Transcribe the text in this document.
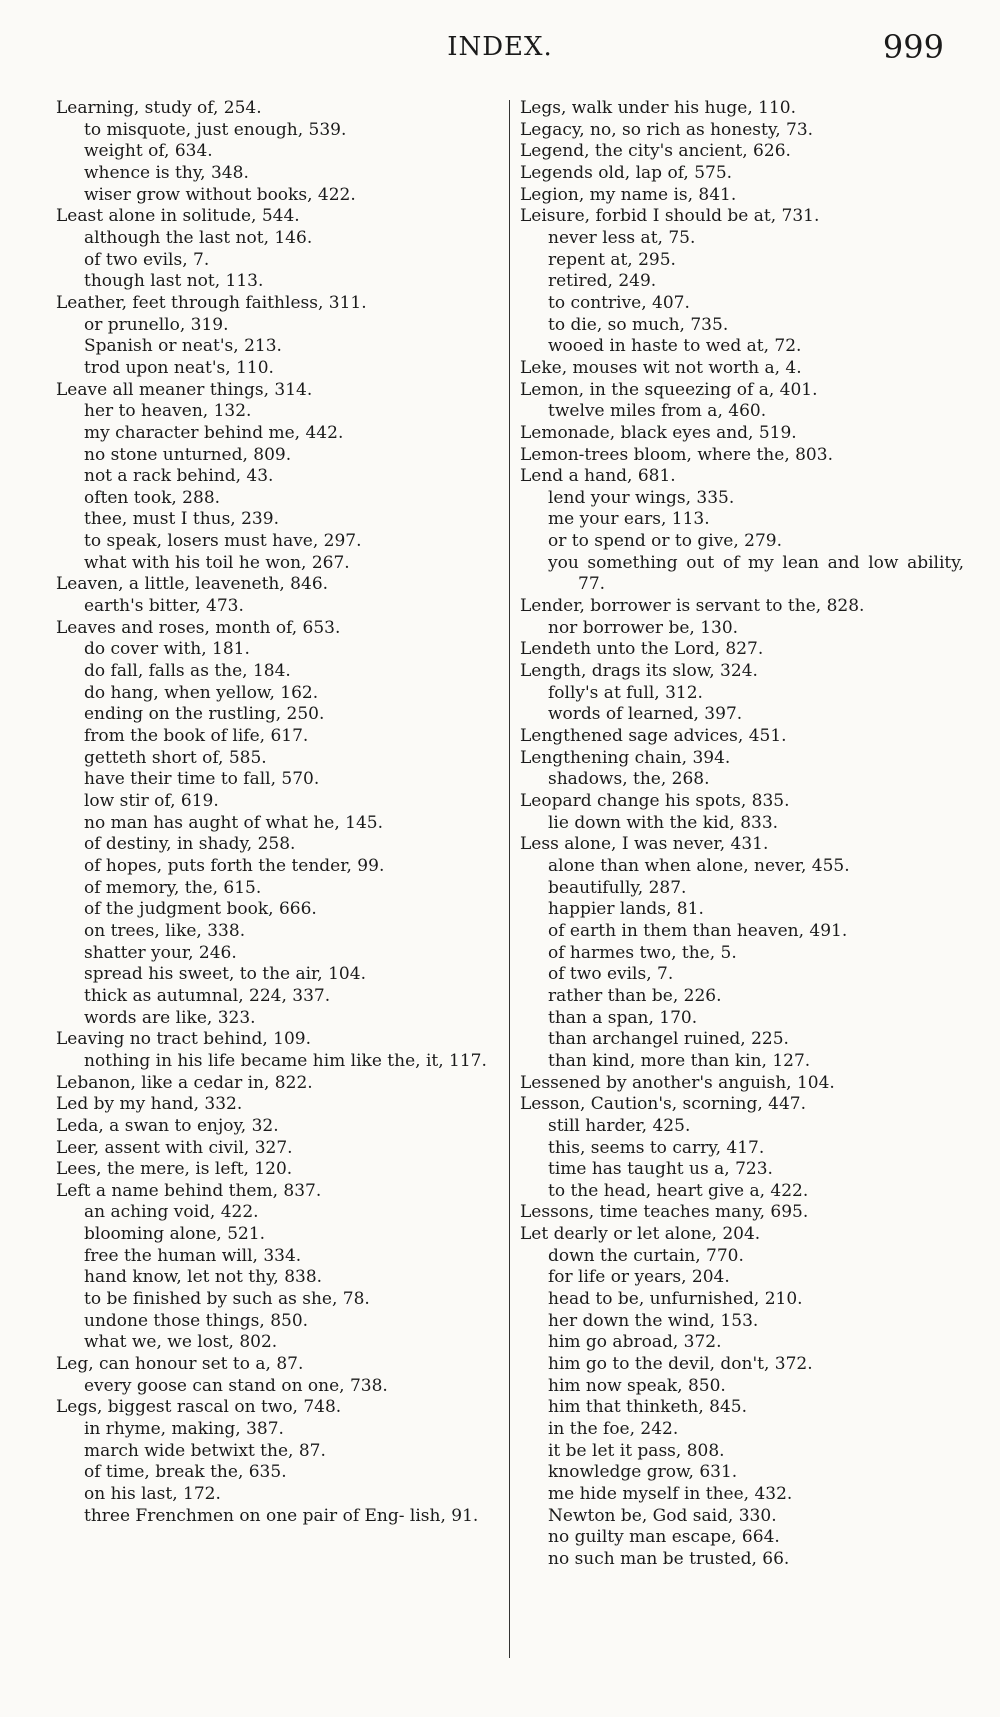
INDEX.	999
Learning, study of, 254.
to misquote, just enough, 539.
weight of, 634.
whence is thy, 348.
wiser grow without books, 422.
Least alone in solitude, 544.
although the last not, 146.
of two evils, 7.
though last not, 113.
Leather, feet through faithless, 311.
or prunello, 319.
Spanish or neat's, 213.
trod upon neat's, 110.
Leave all meaner things, 314.
her to heaven, 132.
my character behind me, 442.
no stone unturned, 809.
not a rack behind, 43.
often took, 288.
thee, must I thus, 239.
to speak, losers must have, 297.
what with his toil he won, 267.
Leaven, a little, leaveneth, 846.
earth's bitter, 473.
Leaves and roses, month of, 653.
do cover with, 181.
do fall, falls as the, 184.
do hang, when yellow, 162.
ending on the rustling, 250.
from the book of life, 617.
getteth short of, 585.
have their time to fall, 570.
low stir of, 619.
no man has aught of what he, 145.
of destiny, in shady, 258.
of hopes, puts forth the tender, 99.
of memory, the, 615.
of the judgment book, 666.
on trees, like, 338.
shatter your, 246.
spread his sweet, to the air, 104.
thick as autumnal, 224, 337.
words are like, 323.
Leaving no tract behind, 109.
nothing in his life became him like the, it, 117.
Lebanon, like a cedar in, 822.
Led by my hand, 332.
Leda, a swan to enjoy, 32.
Leer, assent with civil, 327.
Lees, the mere, is left, 120.
Left a name behind them, 837.
an aching void, 422.
blooming alone, 521.
free the human will, 334.
hand know, let not thy, 838.
to be finished by such as she, 78.
undone those things, 850.
what we, we lost, 802.
Leg, can honour set to a, 87.
every goose can stand on one, 738.
Legs, biggest rascal on two, 748.
in rhyme, making, 387.
march wide betwixt the, 87.
of time, break the, 635.
on his last, 172.
three Frenchmen on one pair of Eng- lish, 91.
Legs, walk under his huge, 110.
Legacy, no, so rich as honesty, 73.
Legend, the city's ancient, 626.
Legends old, lap of, 575.
Legion, my name is, 841.
Leisure, forbid I should be at, 731.
never less at, 75.
repent at, 295.
retired, 249.
to contrive, 407.
to die, so much, 735.
wooed in haste to wed at, 72.
Leke, mouses wit not worth a, 4.
Lemon, in the squeezing of a, 401.
twelve miles from a, 460.
Lemonade, black eyes and, 519.
Lemon-trees bloom, where the, 803.
Lend a hand, 681.
lend your wings, 335.
me your ears, 113.
or to spend or to give, 279.
you something out of my lean and low ability, 77.
Lender, borrower is servant to the, 828.
nor borrower be, 130.
Lendeth unto the Lord, 827.
Length, drags its slow, 324.
folly's at full, 312.
words of learned, 397.
Lengthened sage advices, 451.
Lengthening chain, 394.
shadows, the, 268.
Leopard change his spots, 835.
lie down with the kid, 833.
Less alone, I was never, 431.
alone than when alone, never, 455.
beautifully, 287.
happier lands, 81.
of earth in them than heaven, 491.
of harmes two, the, 5.
of two evils, 7.
rather than be, 226.
than a span, 170.
than archangel ruined, 225.
than kind, more than kin, 127.
Lessened by another's anguish, 104.
Lesson, Caution's, scorning, 447.
still harder, 425.
this, seems to carry, 417.
time has taught us a, 723.
to the head, heart give a, 422.
Lessons, time teaches many, 695.
Let dearly or let alone, 204.
down the curtain, 770.
for life or years, 204.
head to be, unfurnished, 210.
her down the wind, 153.
him go abroad, 372.
him go to the devil, don't, 372.
him now speak, 850.
him that thinketh, 845.
in the foe, 242.
it be let it pass, 808.
knowledge grow, 631.
me hide myself in thee, 432.
Newton be, God said, 330.
no guilty man escape, 664.
no such man be trusted, 66.
